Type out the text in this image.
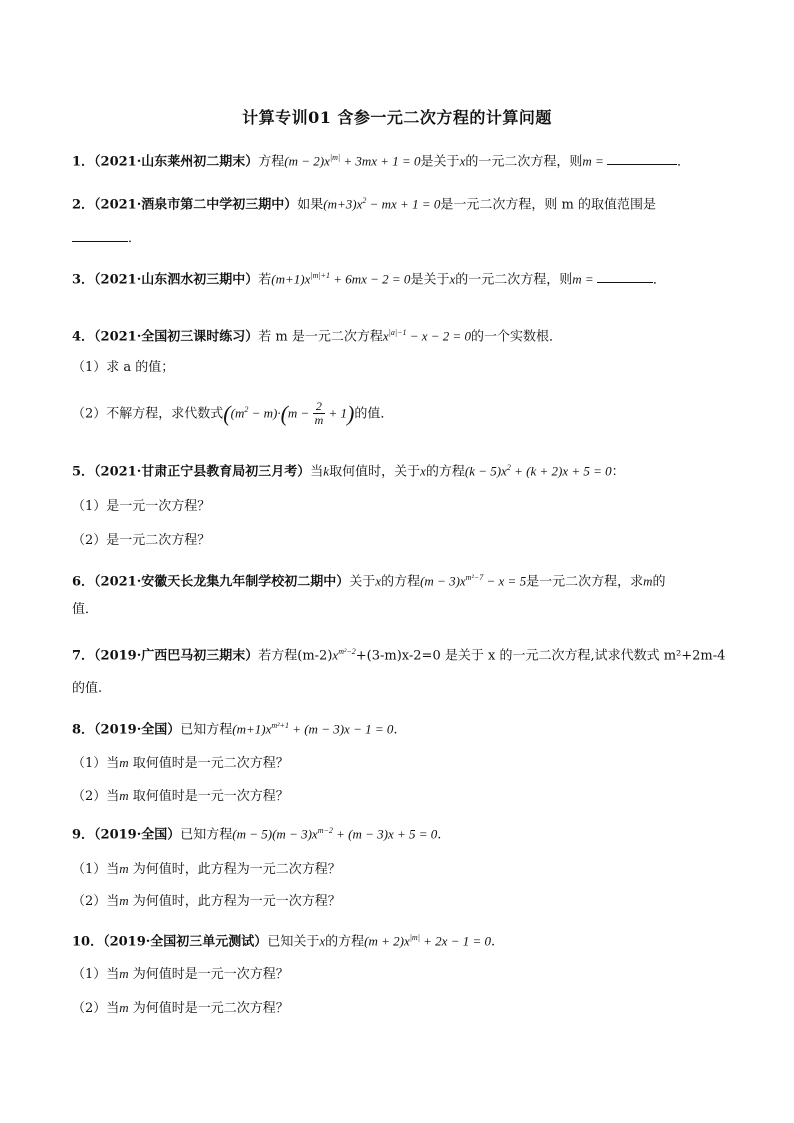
计算专训01 含参一元二次方程的计算问题
1．（2021·山东莱州初二期末）方程$(m - 2)x^{|m|} + 3mx + 1 = 0$是关于x的一元二次方程，则m =	．
2．（2021·酒泉市第二中学初三期中）如果$(m+3)x^2$ − mx + 1 = 0是一元二次方程，则 m 的取值范围是
．
3．（2021·山东泗水初三期中）若$(m+1)x^{|m|+1} + 6mx - 2 = 0$是关于x的一元二次方程，则m =	．
4．（2021·全国初三课时练习）若 m 是一元二次方程$x^{|a|-1} - x - 2 = 0$的一个实数根．
（1）求 a 的值；
（2）不解方程，求代数式($(m^2 - m)\cdot(m - \frac{2}{m} + 1)$的值．
5．（2021·甘肃正宁县教育局初三月考）当k取何值时，关于x的方程$(k - 5)x^2 + (k + 2)x + 5 = 0$：
（1）是一元一次方程？
（2）是一元二次方程？
6．（2021·安徽天长龙集九年制学校初二期中）关于x的方程$(m - 3)x^{m^2-7} - x = 5$是一元二次方程，求m的
值．
7．（2019·广西巴马初三期末）若方程$(m-2)x^{m^2-2}+(3-m)x-2=0$ 是关于 x 的一元二次方程,试求代数式 m²+2m-4
的值.
8．（2019·全国）已知方程$(m+1)x^{m^2+1} + (m - 3)x - 1 = 0$.
（1）当m 取何值时是一元二次方程？
（2）当m 取何值时是一元一次方程？
9．（2019·全国）已知方程$(m - 5)(m - 3)x^{m-2} + (m - 3)x + 5 = 0$.
（1）当m 为何值时，此方程为一元二次方程？
（2）当m 为何值时，此方程为一元一次方程？
10．（2019·全国初三单元测试）已知关于x的方程$(m + 2)x^{|m|} + 2x - 1 = 0$.
（1）当m 为何值时是一元一次方程？
（2）当m 为何值时是一元二次方程？
